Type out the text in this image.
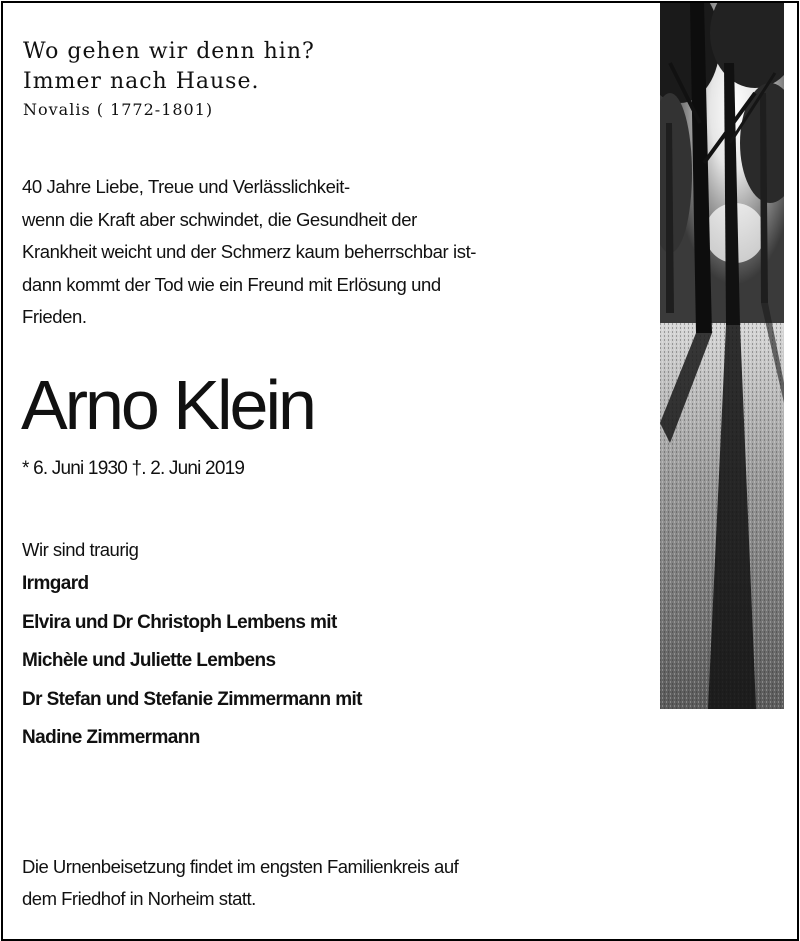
Wo gehen wir denn hin?
Immer nach Hause.
Novalis ( 1772-1801)
40 Jahre Liebe, Treue und Verlässlichkeit-
wenn die Kraft aber schwindet, die Gesundheit der
Krankheit weicht und der Schmerz kaum beherrschbar ist-
dann kommt der Tod wie ein Freund mit Erlösung und
Frieden.
Arno Klein
* 6. Juni 1930 †. 2. Juni 2019
Wir sind traurig
Irmgard
Elvira und Dr Christoph Lembens mit
Michèle und Juliette Lembens
Dr Stefan und Stefanie Zimmermann mit
Nadine Zimmermann
Die Urnenbeisetzung findet im engsten Familienkreis auf
dem Friedhof in Norheim statt.
